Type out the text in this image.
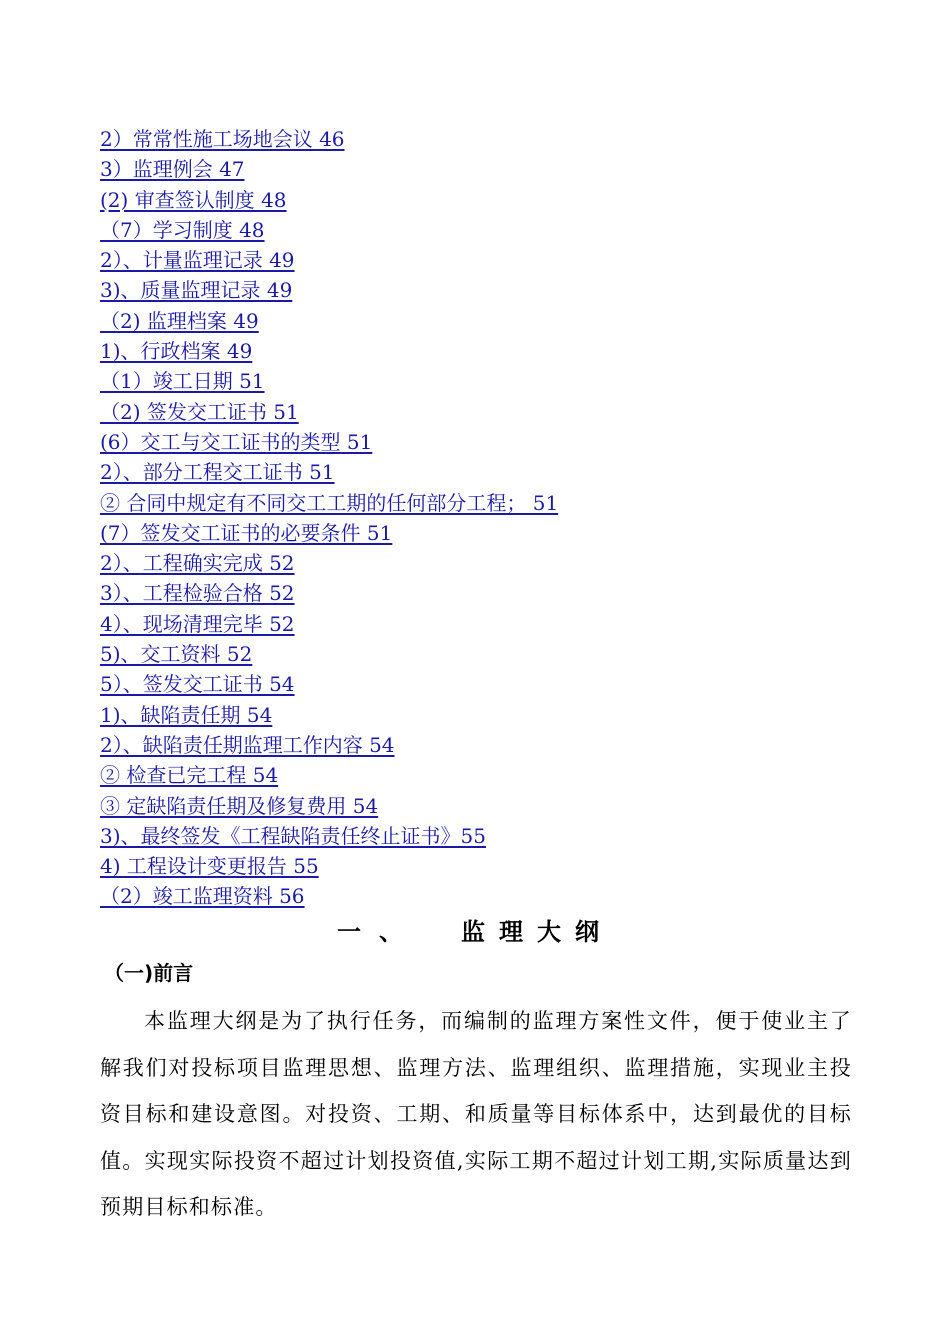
2）常常性施工场地会议 46
3）监理例会 47
(2) 审查签认制度 48
（7）学习制度 48
2）、计量监理记录 49
3)、质量监理记录 49
（2) 监理档案 49
1)、行政档案 49
（1）竣工日期 51
（2) 签发交工证书 51
(6）交工与交工证书的类型 51
2）、部分工程交工证书 51
② 合同中规定有不同交工工期的任何部分工程； 51
(7）签发交工证书的必要条件 51
2）、工程确实完成 52
3）、工程检验合格 52
4）、现场清理完毕 52
5)、交工资料 52
5）、签发交工证书 54
1)、缺陷责任期 54
2）、缺陷责任期监理工作内容 54
② 检查已完工程 54
③ 定缺陷责任期及修复费用 54
3)、最终签发《工程缺陷责任终止证书》55
4) 工程设计变更报告 55
（2）竣工监理资料 56
一、 监理大纲
（一)前言

本监理大纲是为了执行任务，而编制的监理方案性文件，便于使业主了解我们对投标项目监理思想、监理方法、监理组织、监理措施，实现业主投资目标和建设意图。对投资、工期、和质量等目标体系中，达到最优的目标值。实现实际投资不超过计划投资值,实际工期不超过计划工期,实际质量达到预期目标和标准。
